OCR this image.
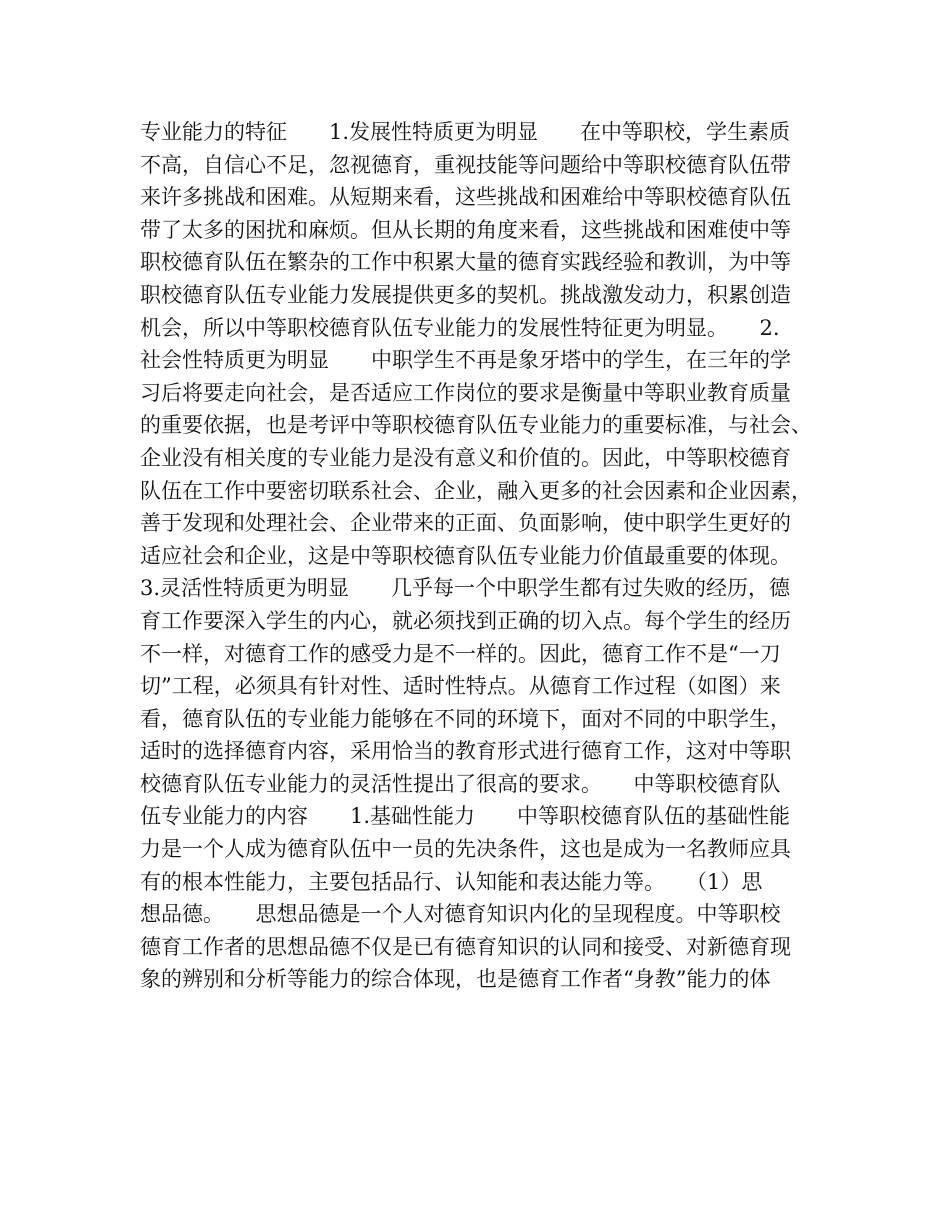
专业能力的特征　　1.发展性特质更为明显　　在中等职校，学生素质
不高，自信心不足，忽视德育，重视技能等问题给中等职校德育队伍带
来许多挑战和困难。从短期来看，这些挑战和困难给中等职校德育队伍
带了太多的困扰和麻烦。但从长期的角度来看，这些挑战和困难使中等
职校德育队伍在繁杂的工作中积累大量的德育实践经验和教训，为中等
职校德育队伍专业能力发展提供更多的契机。挑战激发动力，积累创造
机会，所以中等职校德育队伍专业能力的发展性特征更为明显。　　2.
社会性特质更为明显　　中职学生不再是象牙塔中的学生，在三年的学
习后将要走向社会，是否适应工作岗位的要求是衡量中等职业教育质量
的重要依据，也是考评中等职校德育队伍专业能力的重要标准，与社会、
企业没有相关度的专业能力是没有意义和价值的。因此，中等职校德育
队伍在工作中要密切联系社会、企业，融入更多的社会因素和企业因素，
善于发现和处理社会、企业带来的正面、负面影响，使中职学生更好的
适应社会和企业，这是中等职校德育队伍专业能力价值最重要的体现。
3.灵活性特质更为明显　　几乎每一个中职学生都有过失败的经历，德
育工作要深入学生的内心，就必须找到正确的切入点。每个学生的经历
不一样，对德育工作的感受力是不一样的。因此，德育工作不是“一刀
切”工程，必须具有针对性、适时性特点。从德育工作过程（如图）来
看，德育队伍的专业能力能够在不同的环境下，面对不同的中职学生，
适时的选择德育内容，采用恰当的教育形式进行德育工作，这对中等职
校德育队伍专业能力的灵活性提出了很高的要求。　　中等职校德育队
伍专业能力的内容　　1.基础性能力　　中等职校德育队伍的基础性能
力是一个人成为德育队伍中一员的先决条件，这也是成为一名教师应具
有的根本性能力，主要包括品行、认知能和表达能力等。　　（1）思
想品德。　　思想品德是一个人对德育知识内化的呈现程度。中等职校
德育工作者的思想品德不仅是已有德育知识的认同和接受、对新德育现
象的辨别和分析等能力的综合体现，也是德育工作者“身教”能力的体
